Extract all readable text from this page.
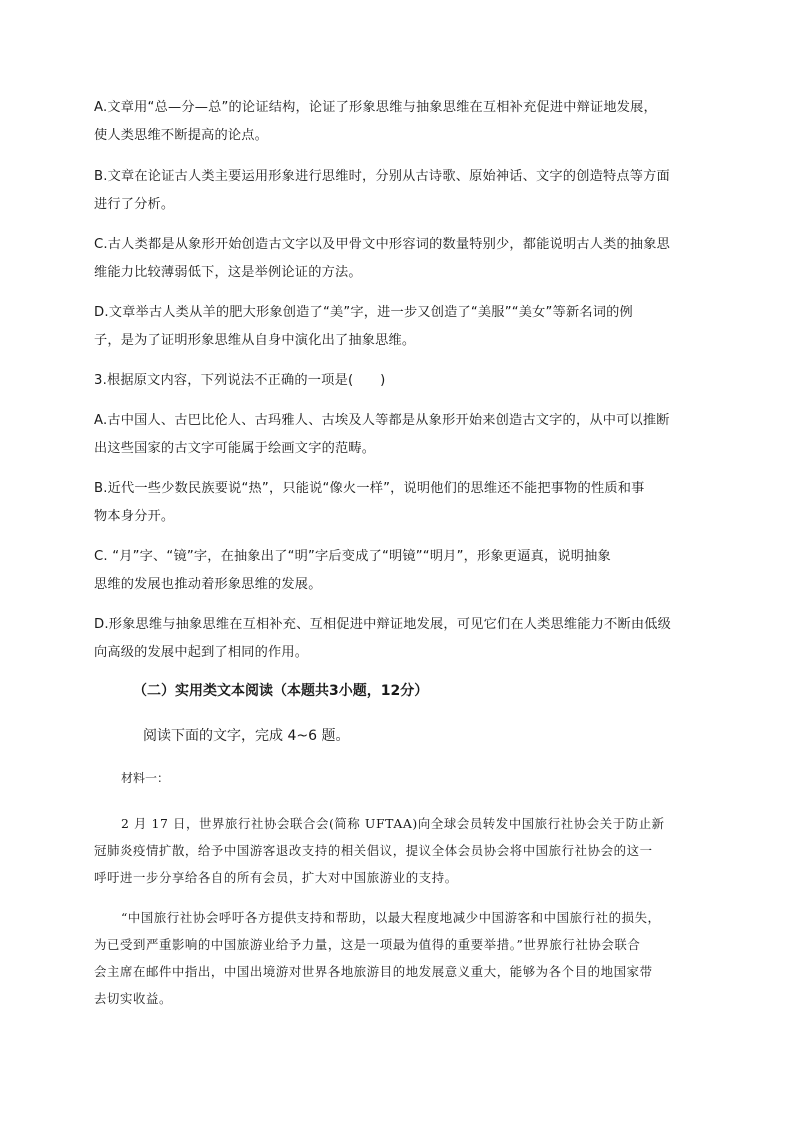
A.文章用“总—分—总”的论证结构，论证了形象思维与抽象思维在互相补充促进中辩证地发展，
使人类思维不断提高的论点。
B.文章在论证古人类主要运用形象进行思维时，分别从古诗歌、原始神话、文字的创造特点等方面
进行了分析。
C.古人类都是从象形开始创造古文字以及甲骨文中形容词的数量特别少，都能说明古人类的抽象思
维能力比较薄弱低下，这是举例论证的方法。
D.文章举古人类从羊的肥大形象创造了“美”字，进一步又创造了“美服”“美女”等新名词的例
子，是为了证明形象思维从自身中演化出了抽象思维。
3.根据原文内容，下列说法不正确的一项是(　　)
A.古中国人、古巴比伦人、古玛雅人、古埃及人等都是从象形开始来创造古文字的，从中可以推断
出这些国家的古文字可能属于绘画文字的范畴。
B.近代一些少数民族要说“热”，只能说“像火一样”，说明他们的思维还不能把事物的性质和事
物本身分开。
C. “月”字、“镜”字，在抽象出了“明”字后变成了“明镜”“明月”，形象更逼真，说明抽象
思维的发展也推动着形象思维的发展。
D.形象思维与抽象思维在互相补充、互相促进中辩证地发展，可见它们在人类思维能力不断由低级
向高级的发展中起到了相同的作用。
（二）实用类文本阅读（本题共3小题，12分）
阅读下面的文字，完成 4~6 题。
材料一：
2 月 17 日，世界旅行社协会联合会(简称 UFTAA)向全球会员转发中国旅行社协会关于防止新
冠肺炎疫情扩散，给予中国游客退改支持的相关倡议，提议全体会员协会将中国旅行社协会的这一
呼吁进一步分享给各自的所有会员，扩大对中国旅游业的支持。
“中国旅行社协会呼吁各方提供支持和帮助，以最大程度地减少中国游客和中国旅行社的损失，
为已受到严重影响的中国旅游业给予力量，这是一项最为值得的重要举措。”世界旅行社协会联合
会主席在邮件中指出，中国出境游对世界各地旅游目的地发展意义重大，能够为各个目的地国家带
去切实收益。
